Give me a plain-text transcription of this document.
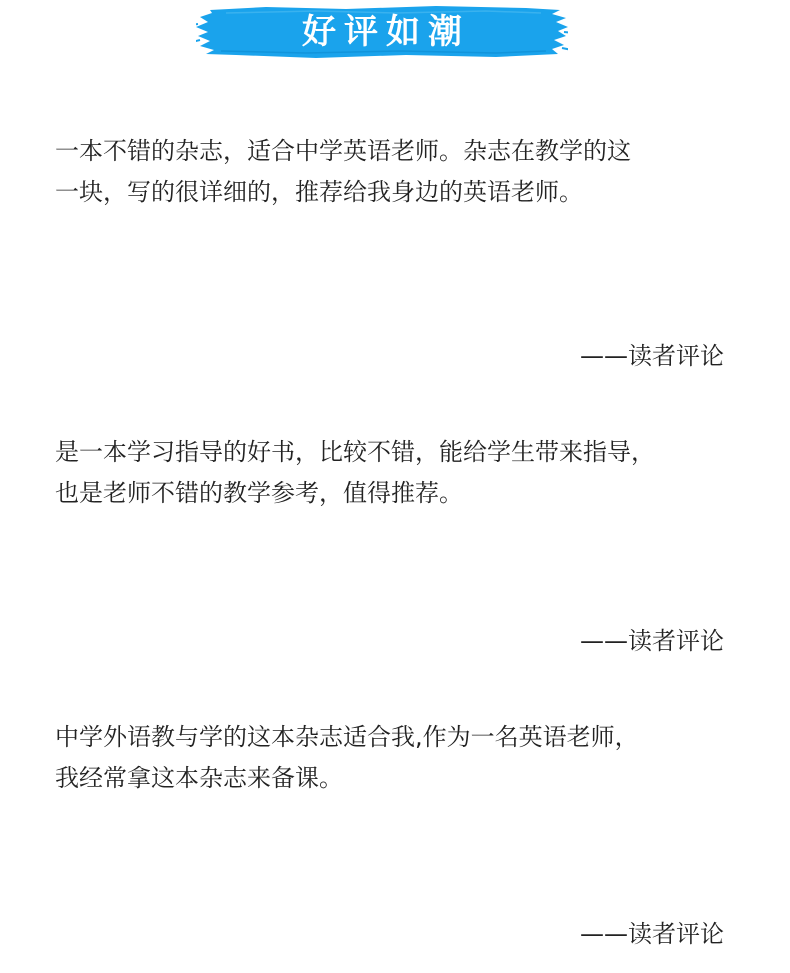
好评如潮

一本不错的杂志，适合中学英语老师。杂志在教学的这

一块，写的很详细的，推荐给我身边的英语老师。

——读者评论

是一本学习指导的好书，比较不错，能给学生带来指导，

也是老师不错的教学参考，值得推荐。

——读者评论

中学外语教与学的这本杂志适合我,作为一名英语老师，

我经常拿这本杂志来备课。

——读者评论
